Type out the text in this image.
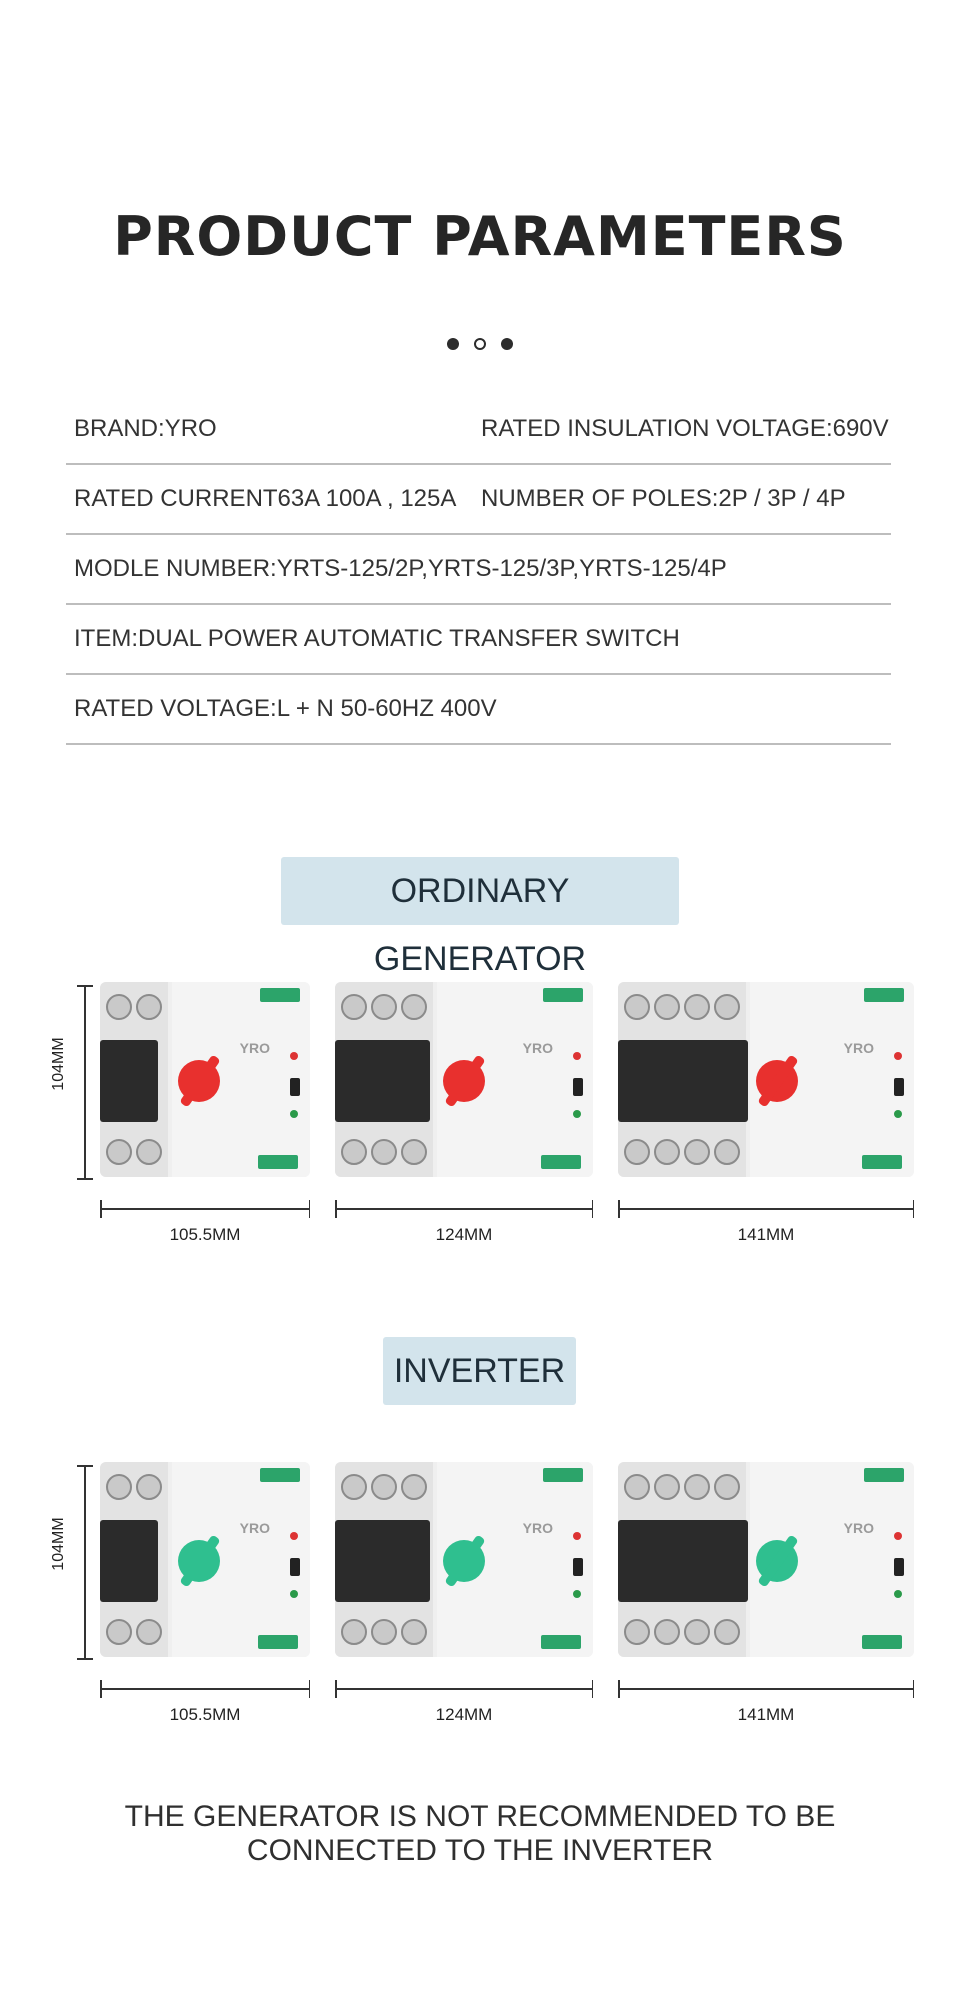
PRODUCT PARAMETERS
BRAND:YRO	RATED INSULATION VOLTAGE:690V
RATED CURRENT63A 100A , 125A NUMBER OF POLES:2P / 3P / 4P
MODLE NUMBER:YRTS-125/2P,YRTS-125/3P,YRTS-125/4P
ITEM:DUAL POWER AUTOMATIC TRANSFER SWITCH
RATED VOLTAGE:L + N 50-60HZ 400V
ORDINARY GENERATOR
INVERTER
104MM	YRO
105.5MM
YRO
124MM
YRO
141MM
104MM	YRO
105.5MM
YRO
124MM
YRO
141MM
THE GENERATOR IS NOT RECOMMENDED TO BE
CONNECTED TO THE INVERTER
